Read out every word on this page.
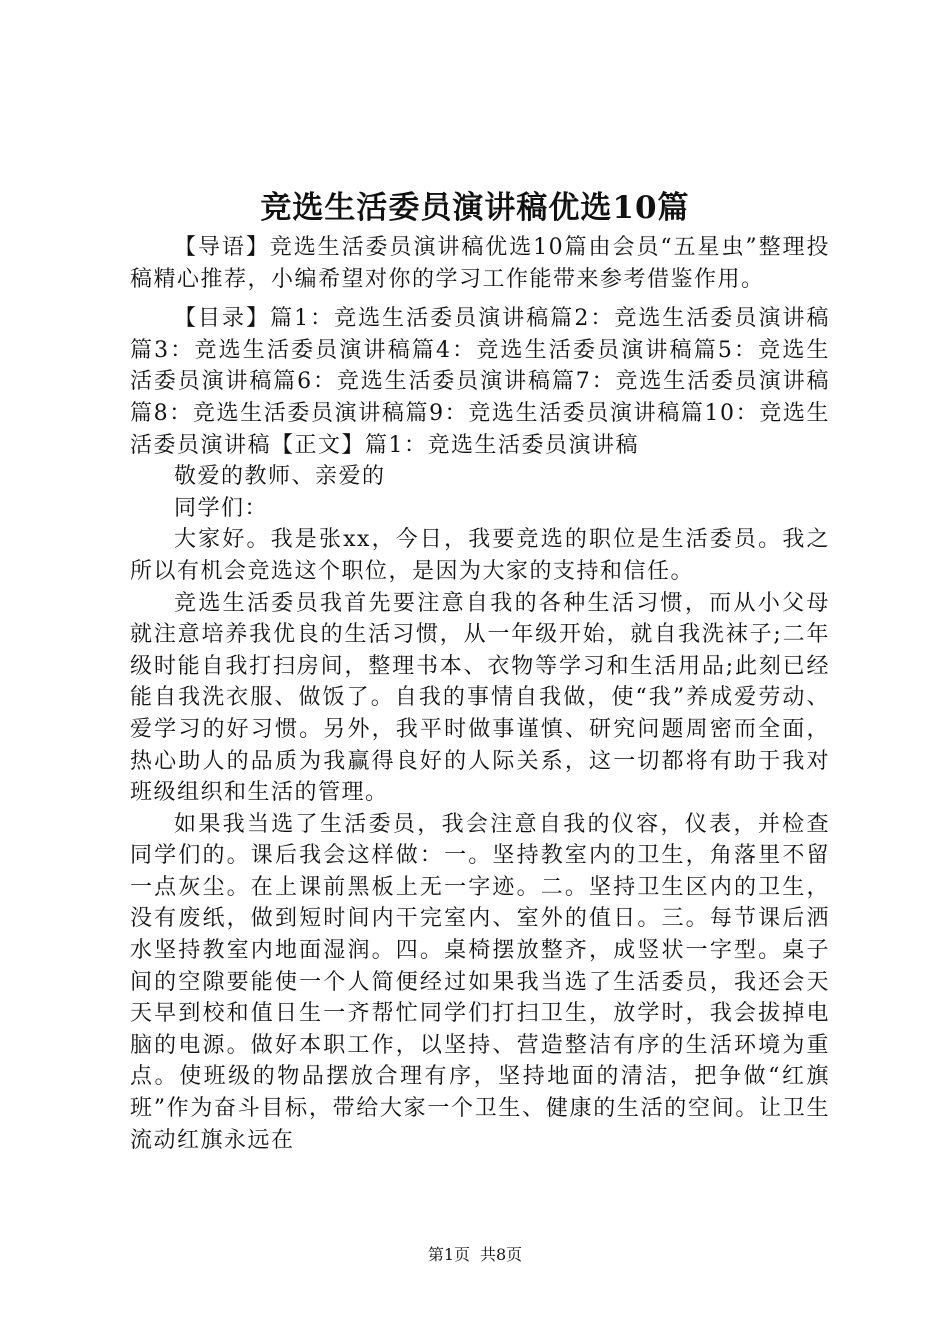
竞选生活委员演讲稿优选10篇

【导语】竞选生活委员演讲稿优选10篇由会员“五星虫”整理投稿精心推荐，小编希望对你的学习工作能带来参考借鉴作用。

【目录】篇1：竞选生活委员演讲稿篇2：竞选生活委员演讲稿篇3：竞选生活委员演讲稿篇4：竞选生活委员演讲稿篇5：竞选生活委员演讲稿篇6：竞选生活委员演讲稿篇7：竞选生活委员演讲稿篇8：竞选生活委员演讲稿篇9：竞选生活委员演讲稿篇10：竞选生活委员演讲稿【正文】篇1：竞选生活委员演讲稿

敬爱的教师、亲爱的

同学们：

大家好。我是张xx，今日，我要竞选的职位是生活委员。我之所以有机会竞选这个职位，是因为大家的支持和信任。

竞选生活委员我首先要注意自我的各种生活习惯，而从小父母就注意培养我优良的生活习惯，从一年级开始，就自我洗袜子;二年级时能自我打扫房间，整理书本、衣物等学习和生活用品;此刻已经能自我洗衣服、做饭了。自我的事情自我做，使“我”养成爱劳动、爱学习的好习惯。另外，我平时做事谨慎、研究问题周密而全面，热心助人的品质为我赢得良好的人际关系，这一切都将有助于我对班级组织和生活的管理。

如果我当选了生活委员，我会注意自我的仪容，仪表，并检查同学们的。课后我会这样做：一。坚持教室内的卫生，角落里不留一点灰尘。在上课前黑板上无一字迹。二。坚持卫生区内的卫生，没有废纸，做到短时间内干完室内、室外的值日。三。每节课后洒水坚持教室内地面湿润。四。桌椅摆放整齐，成竖状一字型。桌子间的空隙要能使一个人简便经过如果我当选了生活委员，我还会天天早到校和值日生一齐帮忙同学们打扫卫生，放学时，我会拔掉电脑的电源。做好本职工作，以坚持、营造整洁有序的生活环境为重点。使班级的物品摆放合理有序，坚持地面的清洁，把争做“红旗班”作为奋斗目标，带给大家一个卫生、健康的生活的空间。让卫生流动红旗永远在

第1页 共8页
